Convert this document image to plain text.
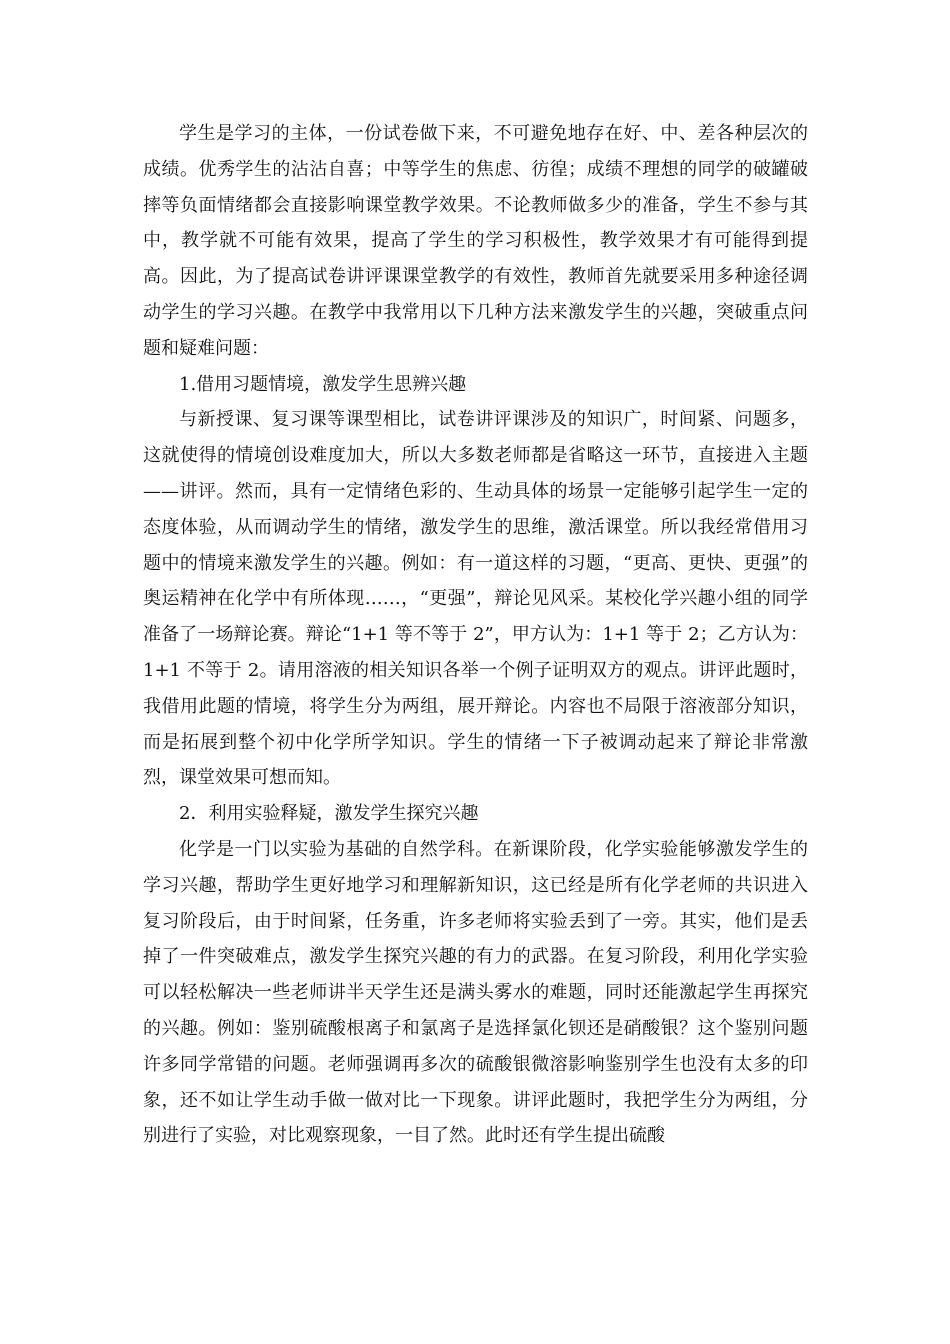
学生是学习的主体，一份试卷做下来，不可避免地存在好、中、差各种层次的成绩。优秀学生的沾沾自喜；中等学生的焦虑、彷徨；成绩不理想的同学的破罐破摔等负面情绪都会直接影响课堂教学效果。不论教师做多少的准备，学生不参与其中，教学就不可能有效果，提高了学生的学习积极性，教学效果才有可能得到提高。因此，为了提高试卷讲评课课堂教学的有效性，教师首先就要采用多种途径调动学生的学习兴趣。在教学中我常用以下几种方法来激发学生的兴趣，突破重点问题和疑难问题：

1.借用习题情境，激发学生思辨兴趣

与新授课、复习课等课型相比，试卷讲评课涉及的知识广，时间紧、问题多，这就使得的情境创设难度加大，所以大多数老师都是省略这一环节，直接进入主题——讲评。然而，具有一定情绪色彩的、生动具体的场景一定能够引起学生一定的态度体验，从而调动学生的情绪，激发学生的思维，激活课堂。所以我经常借用习题中的情境来激发学生的兴趣。例如：有一道这样的习题，“更高、更快、更强”的奥运精神在化学中有所体现……，“更强”，辩论见风采。某校化学兴趣小组的同学准备了一场辩论赛。辩论“1+1 等不等于 2”，甲方认为：1+1 等于 2；乙方认为：1+1 不等于 2。请用溶液的相关知识各举一个例子证明双方的观点。讲评此题时，我借用此题的情境，将学生分为两组，展开辩论。内容也不局限于溶液部分知识，而是拓展到整个初中化学所学知识。学生的情绪一下子被调动起来了辩论非常激烈，课堂效果可想而知。

2．利用实验释疑，激发学生探究兴趣

化学是一门以实验为基础的自然学科。在新课阶段，化学实验能够激发学生的学习兴趣，帮助学生更好地学习和理解新知识，这已经是所有化学老师的共识进入复习阶段后，由于时间紧，任务重，许多老师将实验丢到了一旁。其实，他们是丢掉了一件突破难点，激发学生探究兴趣的有力的武器。在复习阶段，利用化学实验可以轻松解决一些老师讲半天学生还是满头雾水的难题，同时还能激起学生再探究的兴趣。例如：鉴别硫酸根离子和氯离子是选择氯化钡还是硝酸银？这个鉴别问题许多同学常错的问题。老师强调再多次的硫酸银微溶影响鉴别学生也没有太多的印象，还不如让学生动手做一做对比一下现象。讲评此题时，我把学生分为两组，分别进行了实验，对比观察现象，一目了然。此时还有学生提出硫酸
